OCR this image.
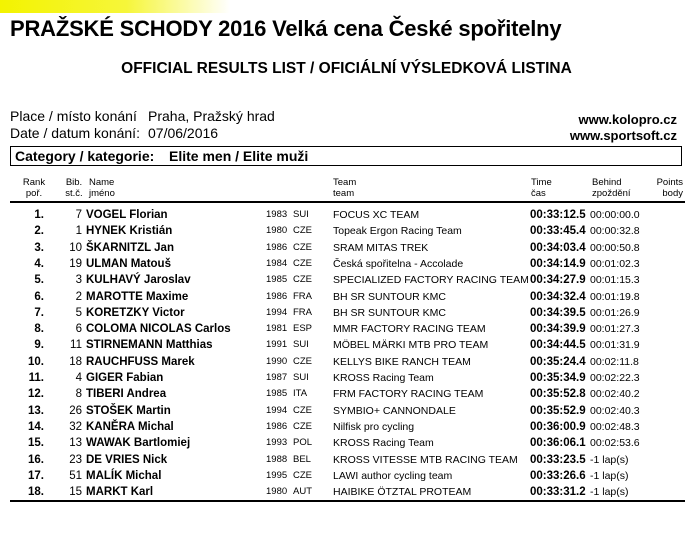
PRAŽSKÉ SCHODY 2016 Velká cena České spořitelny
OFFICIAL RESULTS LIST / OFICIÁLNÍ VÝSLEDKOVÁ LISTINA
Place / místo konání Praha, Pražský hrad
Date / datum konání: 07/06/2016
www.kolopro.cz
www.sportsoft.cz
Category / kategorie: Elite men / Elite muži
Rank
poř.
Bib.
st.č.
Name
jméno
Team
team
Time
čas
Behind
zpoždění
Points
body
1.	7 VOGEL Florian	1983 SUI FOCUS XC TEAM	00:33:12.5 00:00:00.0
2.	1 HYNEK Kristián	1980 CZE Topeak Ergon Racing Team	00:33:45.4 00:00:32.8
3.	10 ŠKARNITZL Jan	1986 CZE SRAM MITAS TREK	00:34:03.4 00:00:50.8
4.	19 ULMAN Matouš	1984 CZE Česká spořitelna - Accolade	00:34:14.9 00:01:02.3
5.	3 KULHAVÝ Jaroslav	1985 CZE SPECIALIZED FACTORY RACING TEAM 00:34:27.9 00:01:15.3
6.	2 MAROTTE Maxime	1986 FRA BH SR SUNTOUR KMC	00:34:32.4 00:01:19.8
7.	5 KORETZKY Victor	1994 FRA BH SR SUNTOUR KMC	00:34:39.5 00:01:26.9
8.	6 COLOMA NICOLAS Carlos	1981 ESP MMR FACTORY RACING TEAM	00:34:39.9 00:01:27.3
9.	11 STIRNEMANN Matthias	1991 SUI MÖBEL MÄRKI MTB PRO TEAM	00:34:44.5 00:01:31.9
10.	18 RAUCHFUSS Marek	1990 CZE KELLYS BIKE RANCH TEAM	00:35:24.4 00:02:11.8
11.	4 GIGER Fabian	1987 SUI KROSS Racing Team	00:35:34.9 00:02:22.3
12.	8 TIBERI Andrea	1985 ITA FRM FACTORY RACING TEAM	00:35:52.8 00:02:40.2
13.	26 STOŠEK Martin	1994 CZE SYMBIO+ CANNONDALE	00:35:52.9 00:02:40.3
14.	32 KANĚRA Michal	1986 CZE Nilfisk pro cycling	00:36:00.9 00:02:48.3
15.	13 WAWAK Bartlomiej	1993 POL KROSS Racing Team	00:36:06.1 00:02:53.6
16.	23 DE VRIES Nick	1988 BEL KROSS VITESSE MTB RACING TEAM	00:33:23.5 -1 lap(s)
17.	51 MALÍK Michal	1995 CZE LAWI author cycling team	00:33:26.6 -1 lap(s)
18.	15 MARKT Karl	1980 AUT HAIBIKE ÖTZTAL PROTEAM	00:33:31.2 -1 lap(s)
